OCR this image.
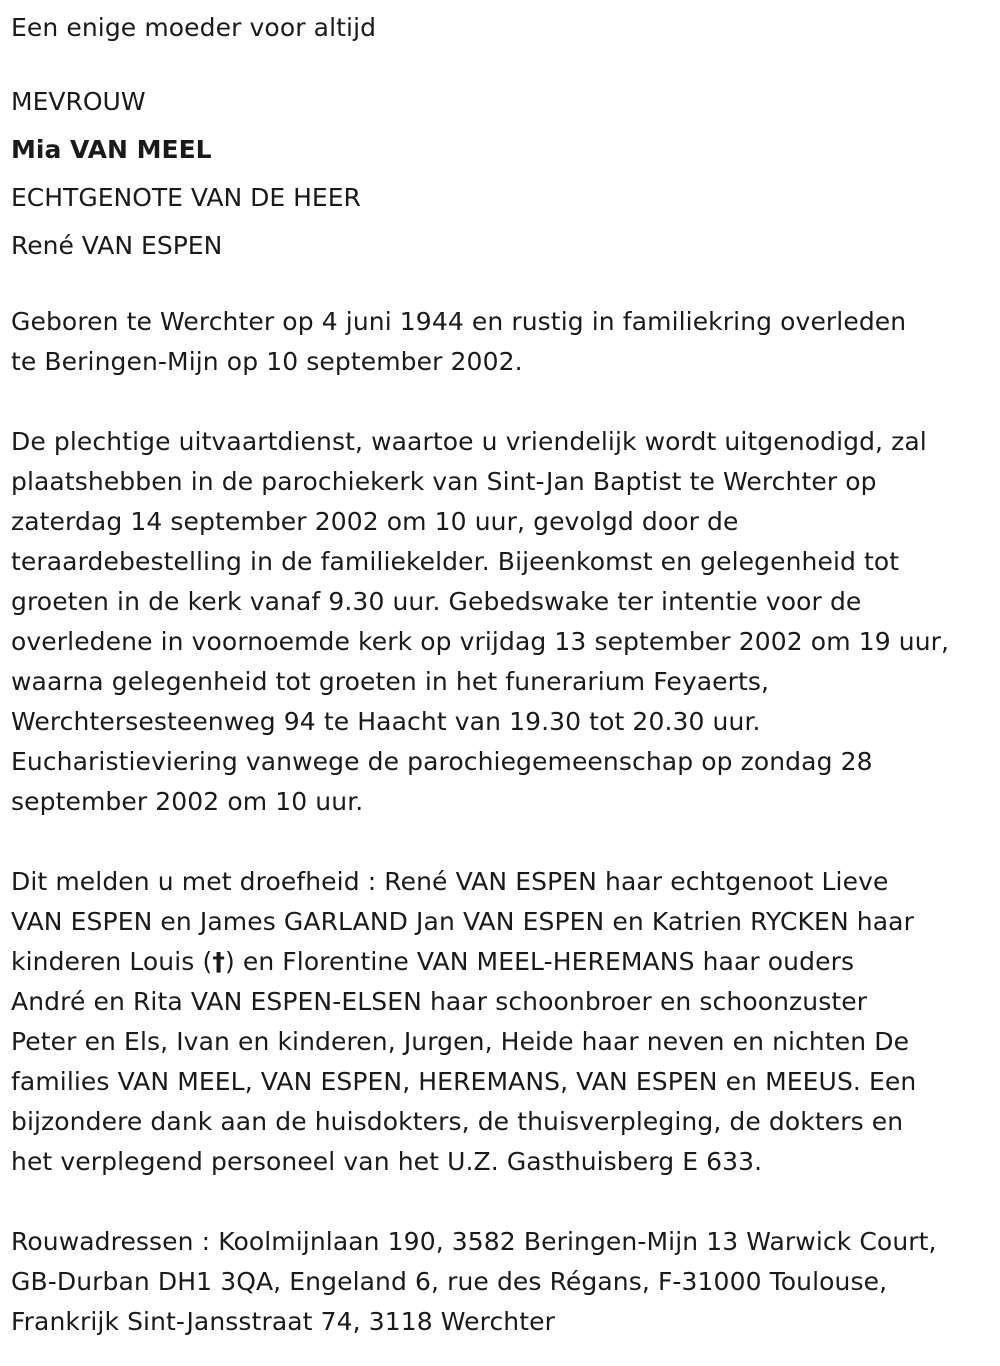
Een enige moeder voor altijd

MEVROUW

Mia VAN MEEL

ECHTGENOTE VAN DE HEER

René VAN ESPEN

Geboren te Werchter op 4 juni 1944 en rustig in familiekring overleden

te Beringen-Mijn op 10 september 2002.

De plechtige uitvaartdienst, waartoe u vriendelijk wordt uitgenodigd, zal

plaatshebben in de parochiekerk van Sint-Jan Baptist te Werchter op

zaterdag 14 september 2002 om 10 uur, gevolgd door de

teraardebestelling in de familiekelder. Bijeenkomst en gelegenheid tot

groeten in de kerk vanaf 9.30 uur. Gebedswake ter intentie voor de

overledene in voornoemde kerk op vrijdag 13 september 2002 om 19 uur,

waarna gelegenheid tot groeten in het funerarium Feyaerts,

Werchtersesteenweg 94 te Haacht van 19.30 tot 20.30 uur.

Eucharistieviering vanwege de parochiegemeenschap op zondag 28

september 2002 om 10 uur.

Dit melden u met droefheid : René VAN ESPEN haar echtgenoot Lieve

VAN ESPEN en James GARLAND Jan VAN ESPEN en Katrien RYCKEN haar

kinderen Louis (†) en Florentine VAN MEEL-HEREMANS haar ouders

André en Rita VAN ESPEN-ELSEN haar schoonbroer en schoonzuster

Peter en Els, Ivan en kinderen, Jurgen, Heide haar neven en nichten De

families VAN MEEL, VAN ESPEN, HEREMANS, VAN ESPEN en MEEUS. Een

bijzondere dank aan de huisdokters, de thuisverpleging, de dokters en

het verplegend personeel van het U.Z. Gasthuisberg E 633.

Rouwadressen : Koolmijnlaan 190, 3582 Beringen-Mijn 13 Warwick Court,

GB-Durban DH1 3QA, Engeland 6, rue des Régans, F-31000 Toulouse,

Frankrijk Sint-Jansstraat 74, 3118 Werchter
